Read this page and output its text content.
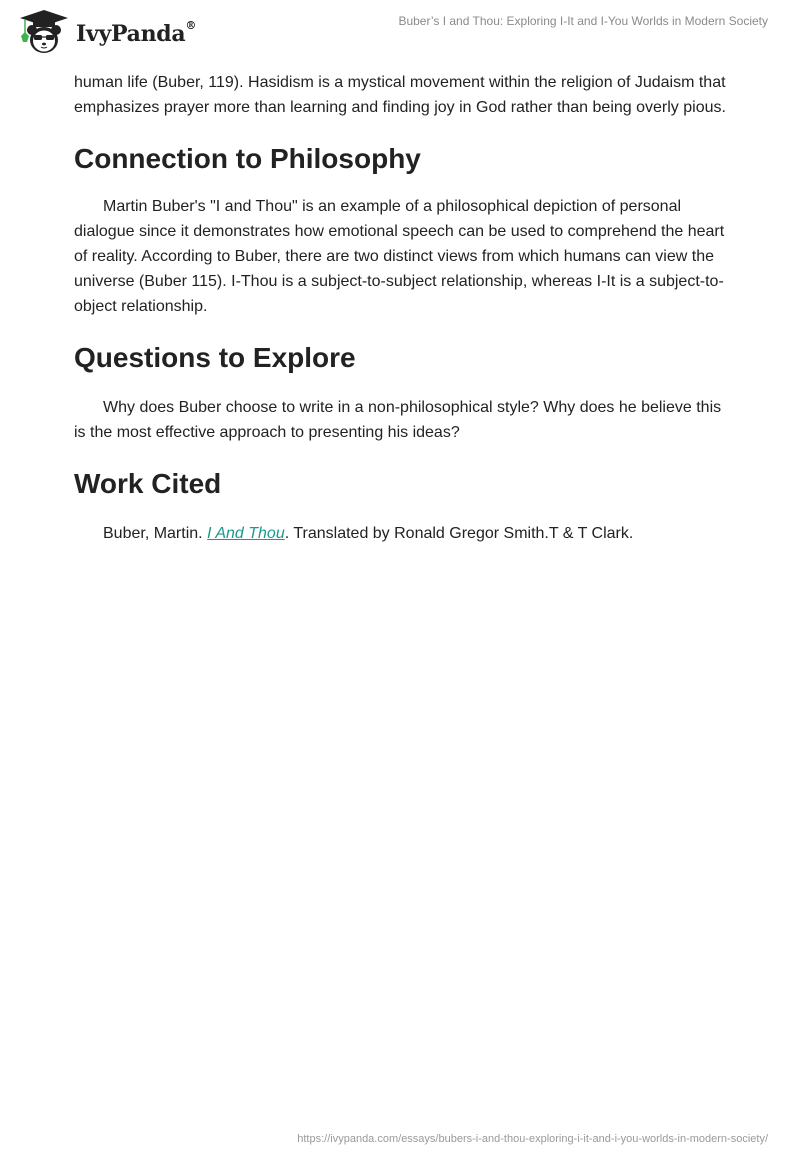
IvyPanda®	Buber’s I and Thou: Exploring I-It and I-You Worlds in Modern Society

human life (Buber, 119). Hasidism is a mystical movement within the religion of Judaism that emphasizes prayer more than learning and finding joy in God rather than being overly pious.

Connection to Philosophy

Martin Buber's "I and Thou" is an example of a philosophical depiction of personal dialogue since it demonstrates how emotional speech can be used to comprehend the heart of reality. According to Buber, there are two distinct views from which humans can view the universe (Buber 115). I-Thou is a subject-to-subject relationship, whereas I-It is a subject-to-object relationship.

Questions to Explore

Why does Buber choose to write in a non-philosophical style? Why does he believe this is the most effective approach to presenting his ideas?

Work Cited

Buber, Martin. I And Thou. Translated by Ronald Gregor Smith.T & T Clark.

https://ivypanda.com/essays/bubers-i-and-thou-exploring-i-it-and-i-you-worlds-in-modern-society/
